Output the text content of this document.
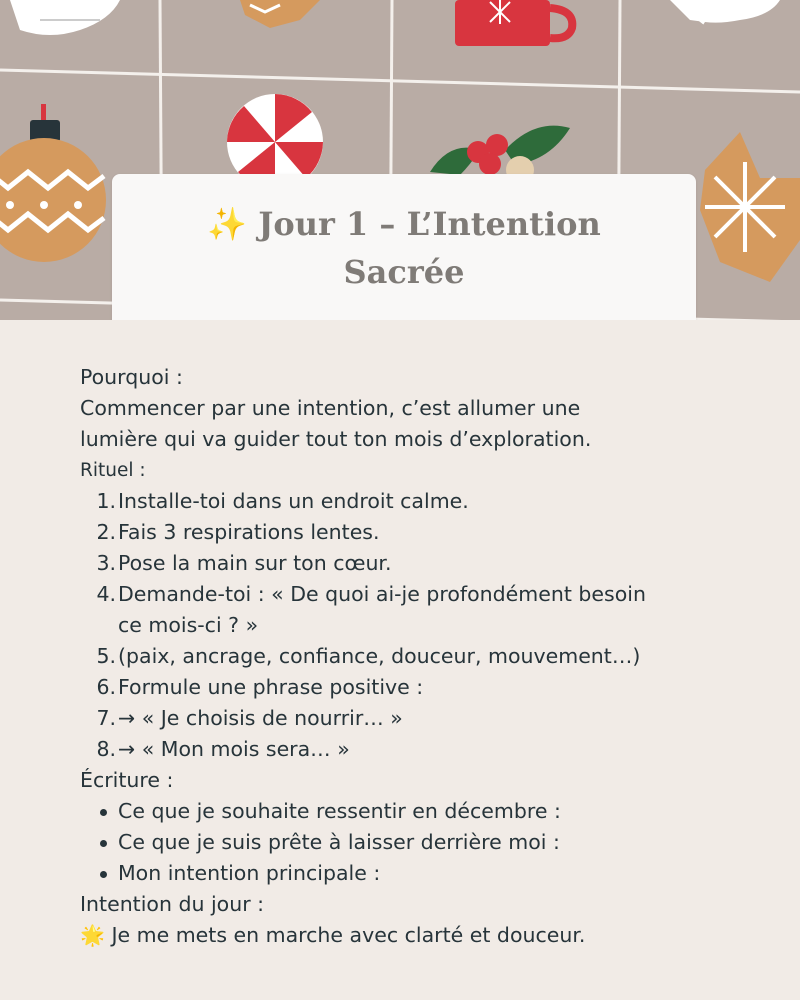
✨ Jour 1 – L’Intention
Sacrée
Pourquoi :
Commencer par une intention, c’est allumer une
lumière qui va guider tout ton mois d’exploration.
Rituel :
1. Installe-toi dans un endroit calme.
2. Fais 3 respirations lentes.
3. Pose la main sur ton cœur.
4. Demande-toi : « De quoi ai-je profondément besoin
ce mois-ci ? »
5. (paix, ancrage, confiance, douceur, mouvement…)
6. Formule une phrase positive :
7. → « Je choisis de nourrir… »
8. → « Mon mois sera… »
Écriture :
Ce que je souhaite ressentir en décembre :
Ce que je suis prête à laisser derrière moi :
Mon intention principale :
Intention du jour :
🌟 Je me mets en marche avec clarté et douceur.
